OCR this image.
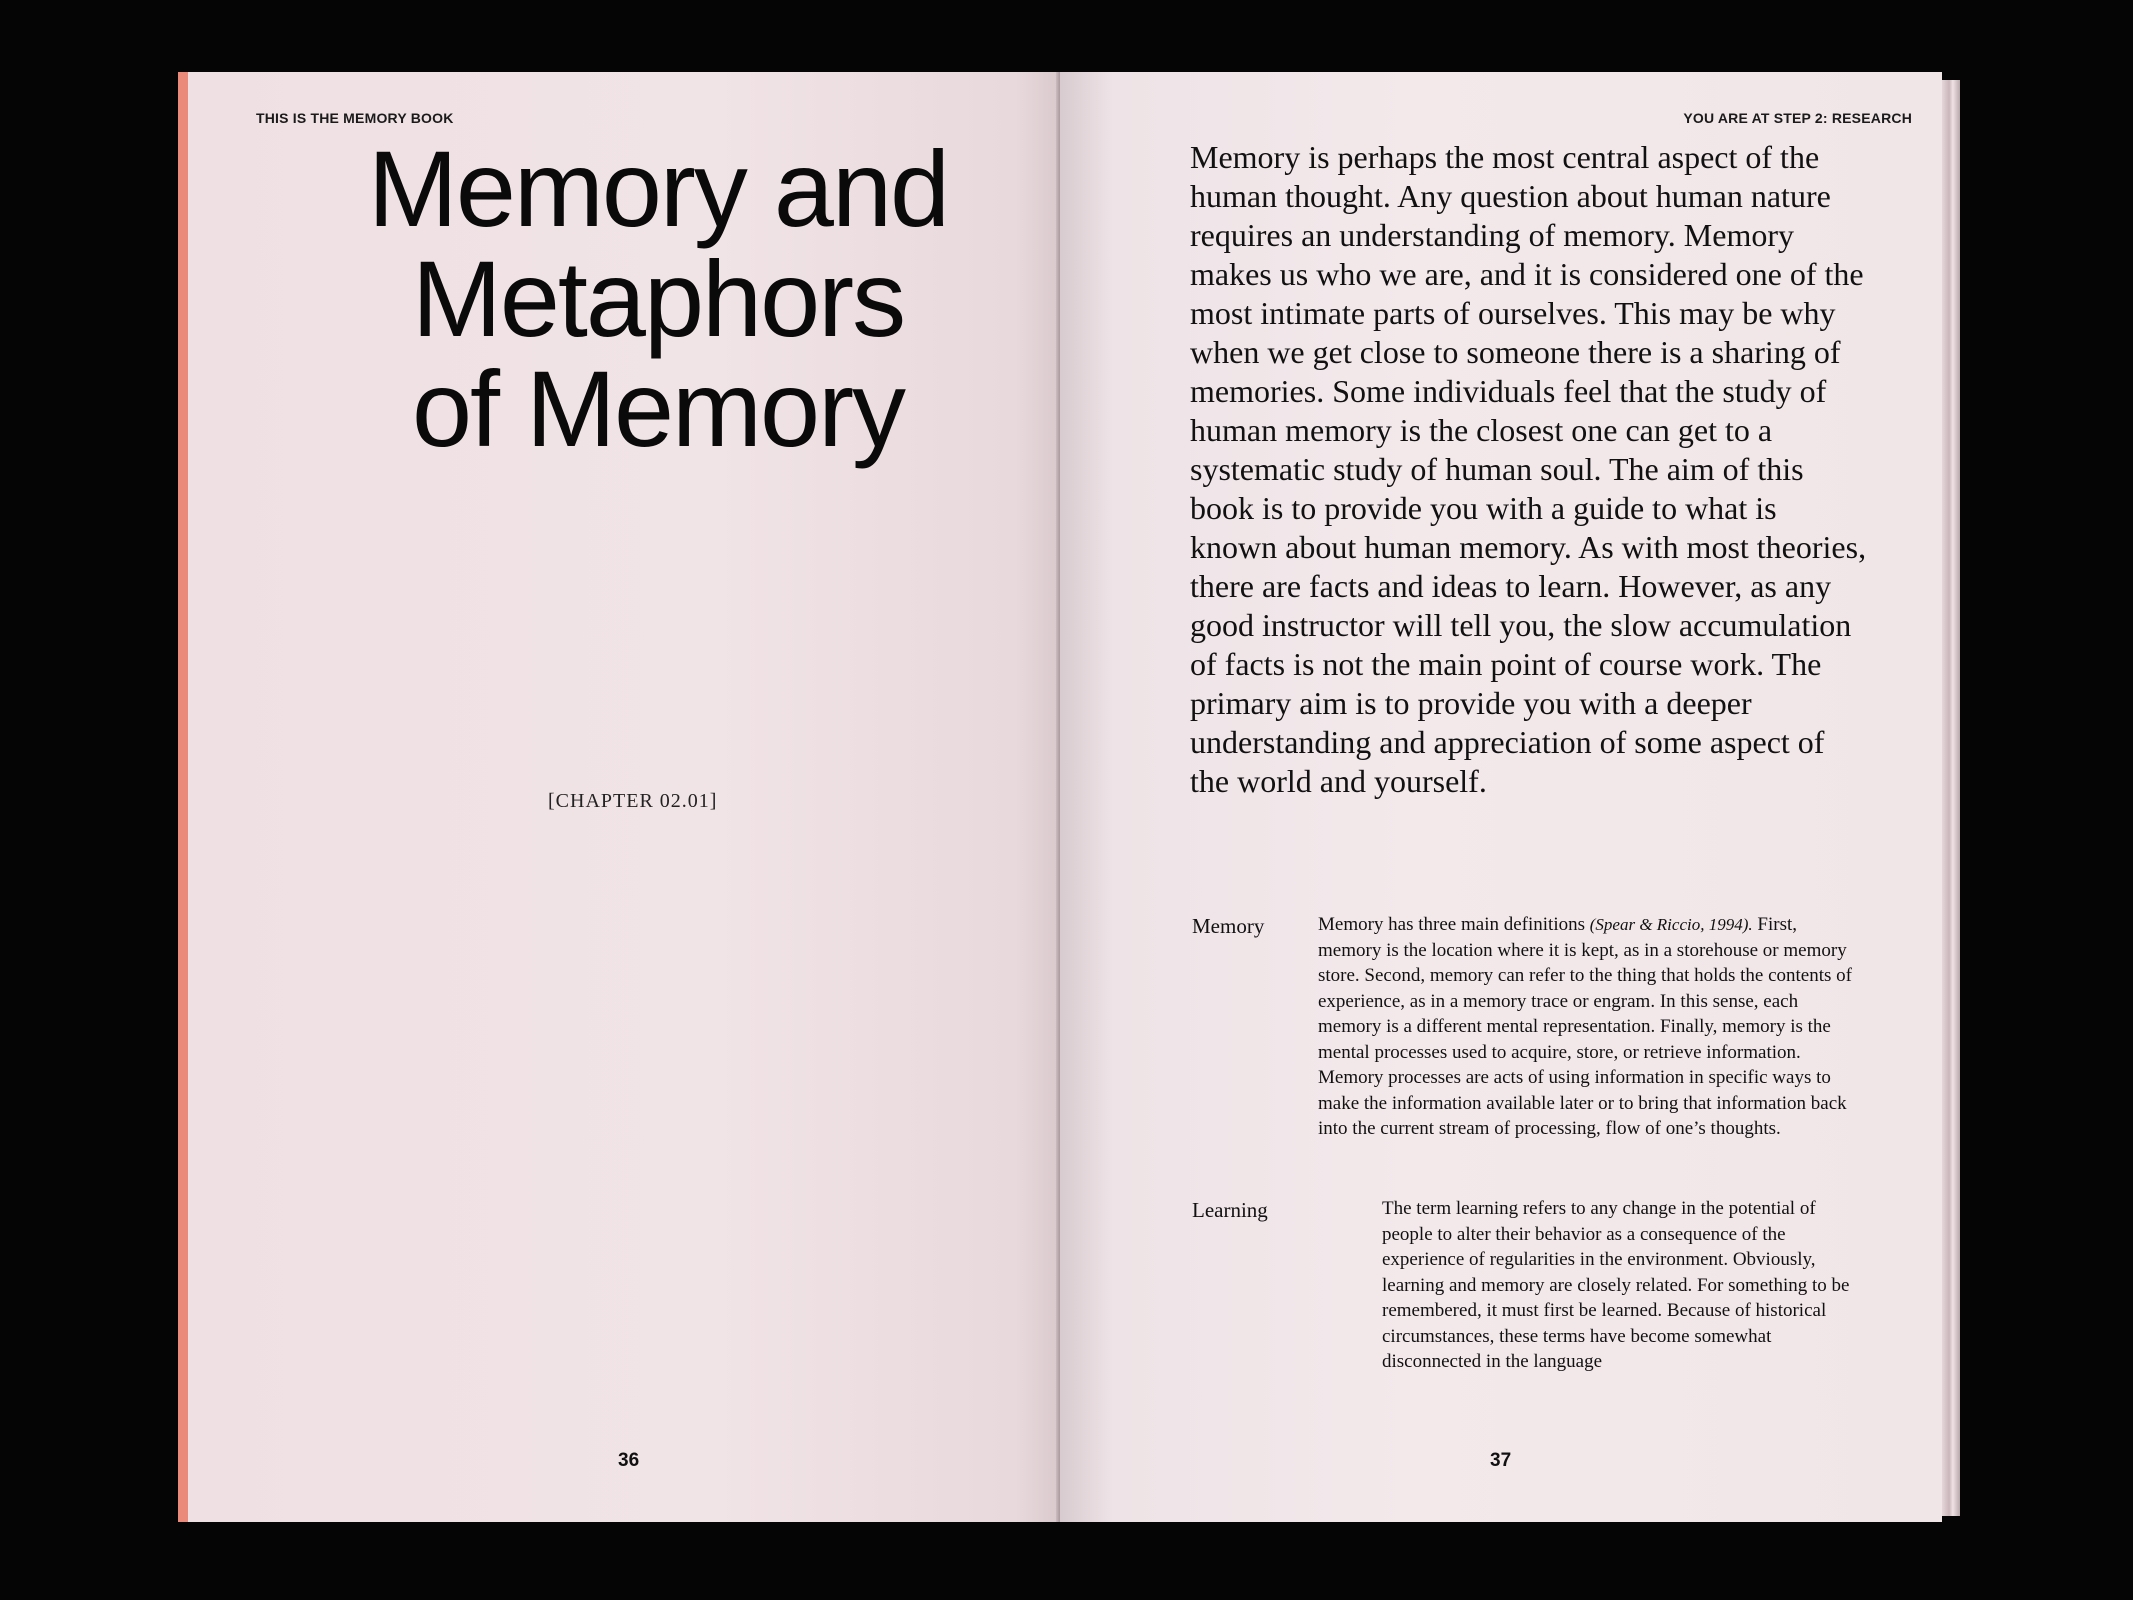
THIS IS THE MEMORY BOOK
Memory and
Metaphors
of Memory
[CHAPTER 02.01]
36
YOU ARE AT STEP 2: RESEARCH
Memory is perhaps the most central aspect of the human thought. Any question about human nature requires an understanding of memory. Memory makes us who we are, and it is considered one of the most intimate parts of ourselves. This may be why when we get close to someone there is a sharing of memories. Some individuals feel that the study of human memory is the closest one can get to a systematic study of human soul. The aim of this book is to provide you with a guide to what is known about human memory. As with most theories, there are facts and ideas to learn. However, as any good instructor will tell you, the slow accumulation of facts is not the main point of course work. The primary aim is to provide you with a deeper understanding and appreciation of some aspect of the world and yourself.
Memory	Memory has three main definitions (Spear & Riccio, 1994). First, memory is the location where it is kept, as in a storehouse or memory store. Second, memory can refer to the thing that holds the contents of experience, as in a memory trace or engram. In this sense, each memory is a different mental representation. Finally, memory is the mental processes used to acquire, store, or retrieve information. Memory processes are acts of using information in specific ways to make the information available later or to bring that information back into the current stream of processing, flow of one’s thoughts.
Learning	The term learning refers to any change in the potential of people to alter their behavior as a consequence of the experience of regularities in the environment. Obviously, learning and memory are closely related. For something to be remembered, it must first be learned. Because of historical circumstances, these terms have become somewhat disconnected in the language
37
